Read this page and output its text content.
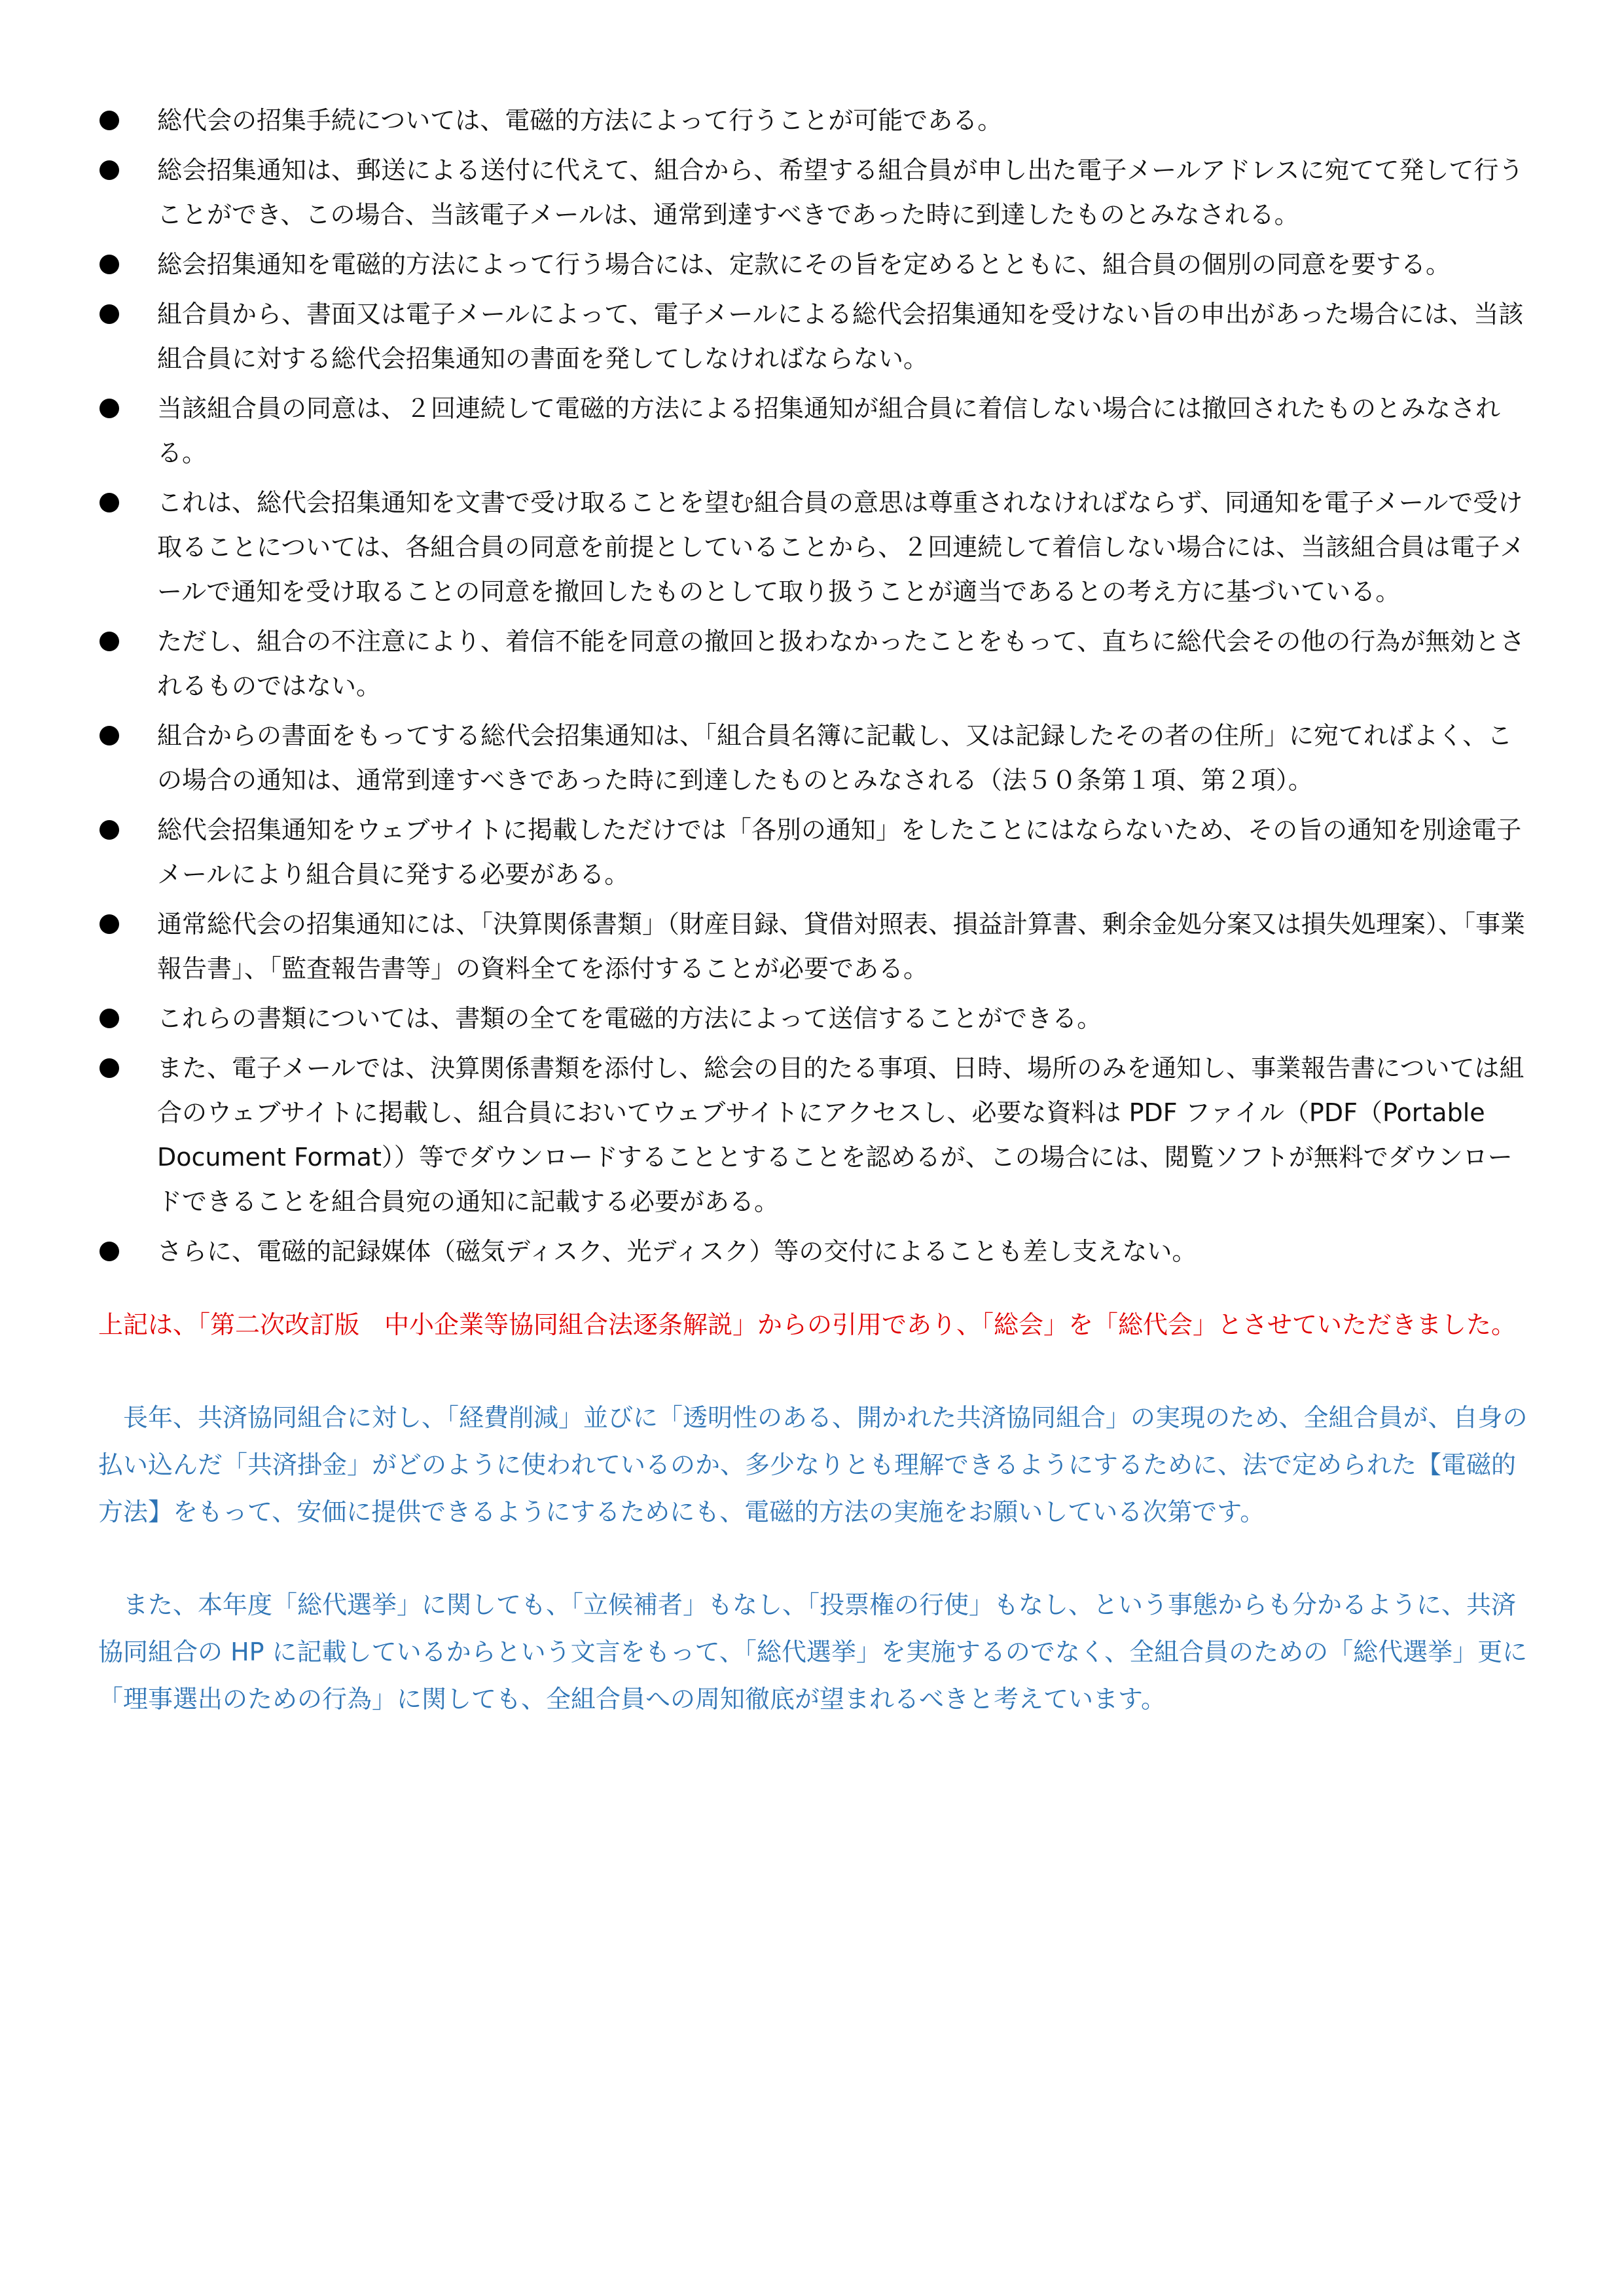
総代会の招集手続については、電磁的方法によって行うことが可能である。
総会招集通知は、郵送による送付に代えて、組合から、希望する組合員が申し出た電子メールアドレスに宛てて発して行うことができ、この場合、当該電子メールは、通常到達すべきであった時に到達したものとみなされる。
総会招集通知を電磁的方法によって行う場合には、定款にその旨を定めるとともに、組合員の個別の同意を要する。
組合員から、書面又は電子メールによって、電子メールによる総代会招集通知を受けない旨の申出があった場合には、当該組合員に対する総代会招集通知の書面を発してしなければならない。
当該組合員の同意は、２回連続して電磁的方法による招集通知が組合員に着信しない場合には撤回されたものとみなされる。
これは、総代会招集通知を文書で受け取ることを望む組合員の意思は尊重されなければならず、同通知を電子メールで受け取ることについては、各組合員の同意を前提としていることから、２回連続して着信しない場合には、当該組合員は電子メールで通知を受け取ることの同意を撤回したものとして取り扱うことが適当であるとの考え方に基づいている。
ただし、組合の不注意により、着信不能を同意の撤回と扱わなかったことをもって、直ちに総代会その他の行為が無効とされるものではない。
組合からの書面をもってする総代会招集通知は、「組合員名簿に記載し、又は記録したその者の住所」に宛てればよく、この場合の通知は、通常到達すべきであった時に到達したものとみなされる（法５０条第１項、第２項）。
総代会招集通知をウェブサイトに掲載しただけでは「各別の通知」をしたことにはならないため、その旨の通知を別途電子メールにより組合員に発する必要がある。
通常総代会の招集通知には、「決算関係書類」（財産目録、貸借対照表、損益計算書、剰余金処分案又は損失処理案）、「事業報告書」、「監査報告書等」の資料全てを添付することが必要である。
これらの書類については、書類の全てを電磁的方法によって送信することができる。
また、電子メールでは、決算関係書類を添付し、総会の目的たる事項、日時、場所のみを通知し、事業報告書については組合のウェブサイトに掲載し、組合員においてウェブサイトにアクセスし、必要な資料は PDF ファイル（PDF（Portable Document Format））等でダウンロードすることとすることを認めるが、この場合には、閲覧ソフトが無料でダウンロードできることを組合員宛の通知に記載する必要がある。
さらに、電磁的記録媒体（磁気ディスク、光ディスク）等の交付によることも差し支えない。

上記は、「第二次改訂版　中小企業等協同組合法逐条解説」からの引用であり、「総会」を「総代会」とさせていただきました。

長年、共済協同組合に対し、「経費削減」並びに「透明性のある、開かれた共済協同組合」の実現のため、全組合員が、自身の払い込んだ「共済掛金」がどのように使われているのか、多少なりとも理解できるようにするために、法で定められた【電磁的方法】をもって、安価に提供できるようにするためにも、電磁的方法の実施をお願いしている次第です。

また、本年度「総代選挙」に関しても、「立候補者」もなし、「投票権の行使」もなし、という事態からも分かるように、共済協同組合の HP に記載しているからという文言をもって、「総代選挙」を実施するのでなく、全組合員のための「総代選挙」更に「理事選出のための行為」に関しても、全組合員への周知徹底が望まれるべきと考えています。
